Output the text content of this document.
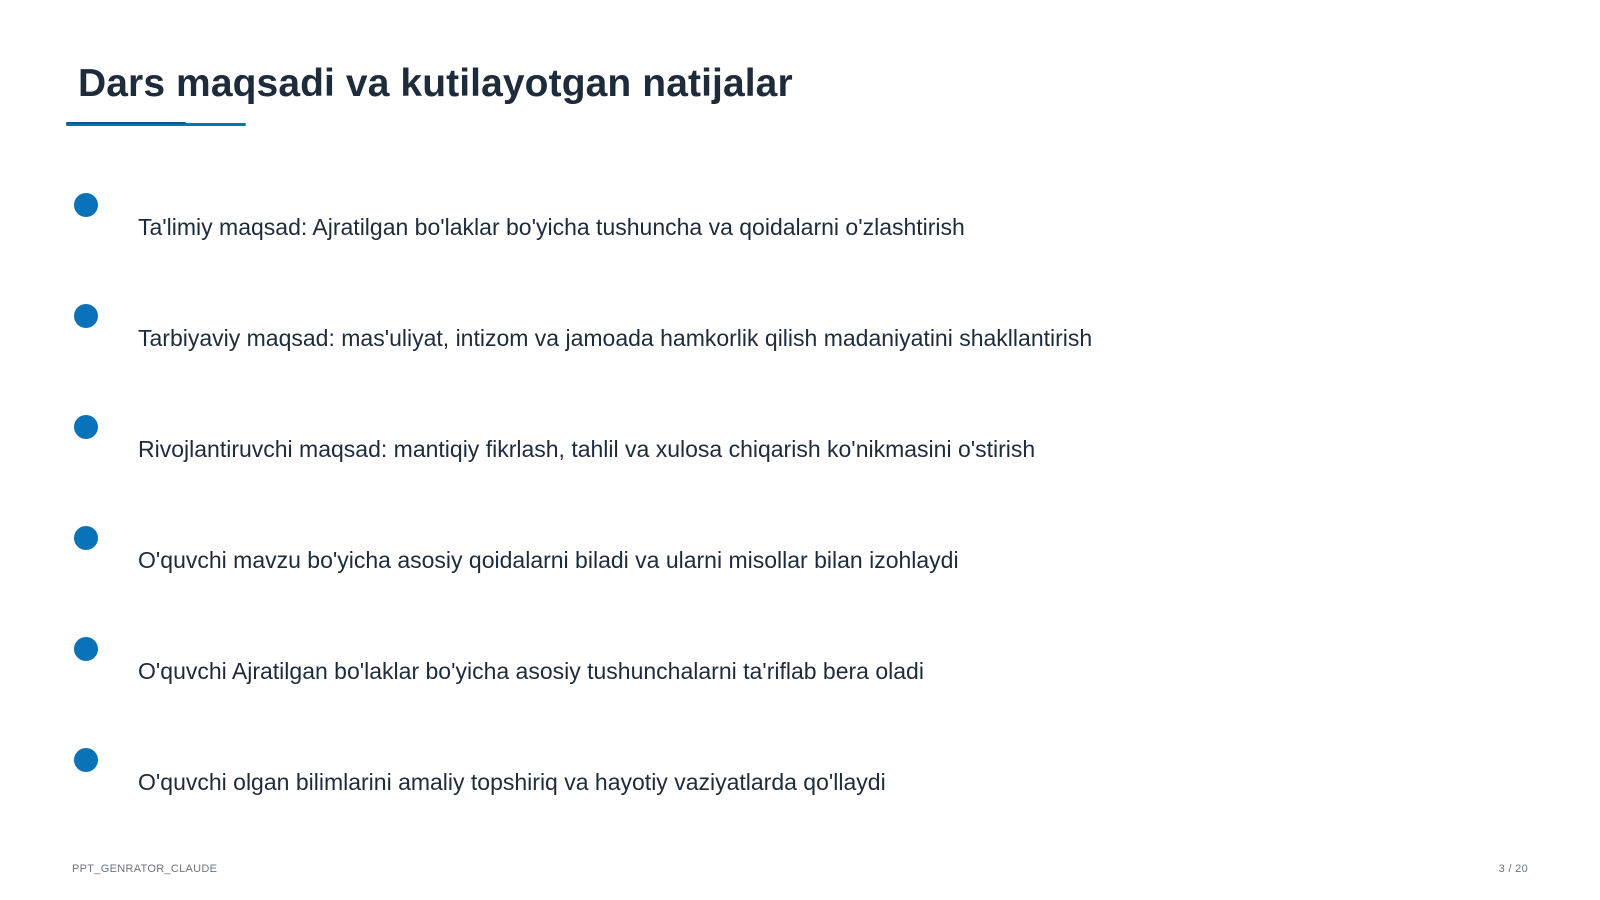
Dars maqsadi va kutilayotgan natijalar
Ta'limiy maqsad: Ajratilgan bo'laklar bo'yicha tushuncha va qoidalarni o'zlashtirish
Tarbiyaviy maqsad: mas'uliyat, intizom va jamoada hamkorlik qilish madaniyatini shakllantirish
Rivojlantiruvchi maqsad: mantiqiy fikrlash, tahlil va xulosa chiqarish ko'nikmasini o'stirish
O'quvchi mavzu bo'yicha asosiy qoidalarni biladi va ularni misollar bilan izohlaydi
O'quvchi Ajratilgan bo'laklar bo'yicha asosiy tushunchalarni ta'riflab bera oladi
O'quvchi olgan bilimlarini amaliy topshiriq va hayotiy vaziyatlarda qo'llaydi
PPT_GENRATOR_CLAUDE	3 / 20
